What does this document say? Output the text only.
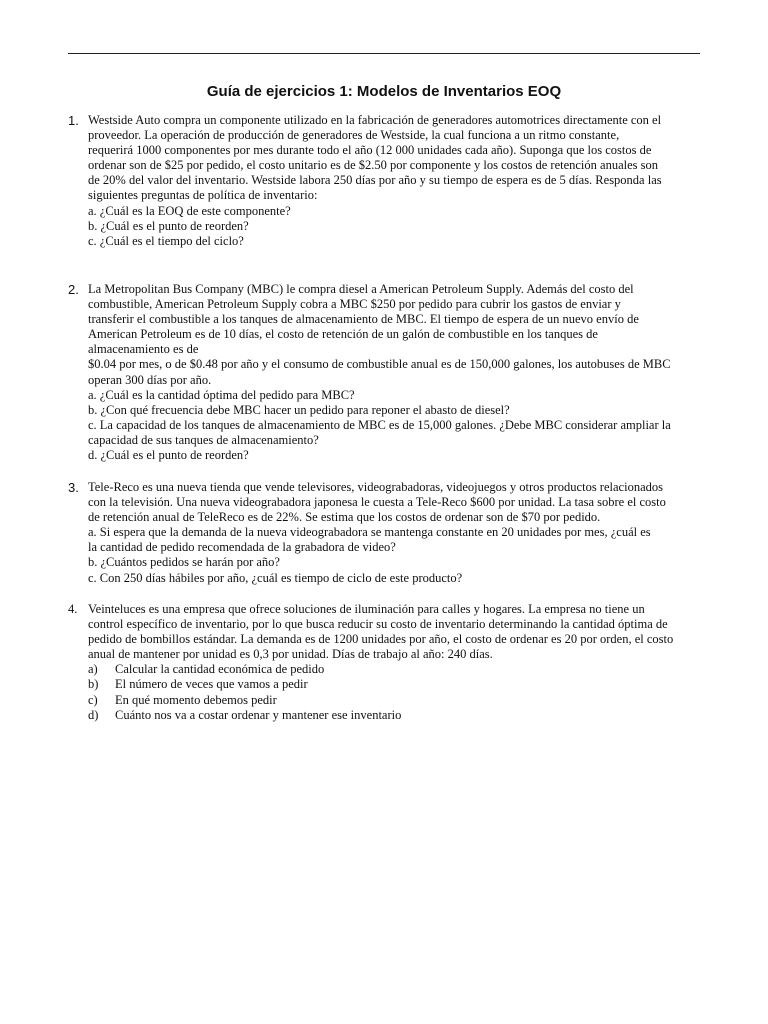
Guía de ejercicios 1: Modelos de Inventarios EOQ
1. Westside Auto compra un componente utilizado en la fabricación de generadores automotrices directamente con el
proveedor. La operación de producción de generadores de Westside, la cual funciona a un ritmo constante,
requerirá 1000 componentes por mes durante todo el año (12 000 unidades cada año). Suponga que los costos de
ordenar son de $25 por pedido, el costo unitario es de $2.50 por componente y los costos de retención anuales son
de 20% del valor del inventario. Westside labora 250 días por año y su tiempo de espera es de 5 días. Responda las
siguientes preguntas de política de inventario:
a. ¿Cuál es la EOQ de este componente?
b. ¿Cuál es el punto de reorden?
c. ¿Cuál es el tiempo del ciclo?
2. La Metropolitan Bus Company (MBC) le compra diesel a American Petroleum Supply. Además del costo del
combustible, American Petroleum Supply cobra a MBC $250 por pedido para cubrir los gastos de enviar y
transferir el combustible a los tanques de almacenamiento de MBC. El tiempo de espera de un nuevo envío de
American Petroleum es de 10 días, el costo de retención de un galón de combustible en los tanques de
almacenamiento es de
$0.04 por mes, o de $0.48 por año y el consumo de combustible anual es de 150,000 galones, los autobuses de MBC
operan 300 días por año.
a. ¿Cuál es la cantidad óptima del pedido para MBC?
b. ¿Con qué frecuencia debe MBC hacer un pedido para reponer el abasto de diesel?
c. La capacidad de los tanques de almacenamiento de MBC es de 15,000 galones. ¿Debe MBC considerar ampliar la
capacidad de sus tanques de almacenamiento?
d. ¿Cuál es el punto de reorden?
3. Tele-Reco es una nueva tienda que vende televisores, videograbadoras, videojuegos y otros productos relacionados
con la televisión. Una nueva videograbadora japonesa le cuesta a Tele-Reco $600 por unidad. La tasa sobre el costo
de retención anual de TeleReco es de 22%. Se estima que los costos de ordenar son de $70 por pedido.
a. Si espera que la demanda de la nueva videograbadora se mantenga constante en 20 unidades por mes, ¿cuál es
la cantidad de pedido recomendada de la grabadora de video?
b. ¿Cuántos pedidos se harán por año?
c. Con 250 días hábiles por año, ¿cuál es tiempo de ciclo de este producto?
4. Veinteluces es una empresa que ofrece soluciones de iluminación para calles y hogares. La empresa no tiene un
control específico de inventario, por lo que busca reducir su costo de inventario determinando la cantidad óptima de
pedido de bombillos estándar. La demanda es de 1200 unidades por año, el costo de ordenar es 20 por orden, el costo
anual de mantener por unidad es 0,3 por unidad. Días de trabajo al año: 240 días.
a) Calcular la cantidad económica de pedido
b) El número de veces que vamos a pedir
c) En qué momento debemos pedir
d) Cuánto nos va a costar ordenar y mantener ese inventario
